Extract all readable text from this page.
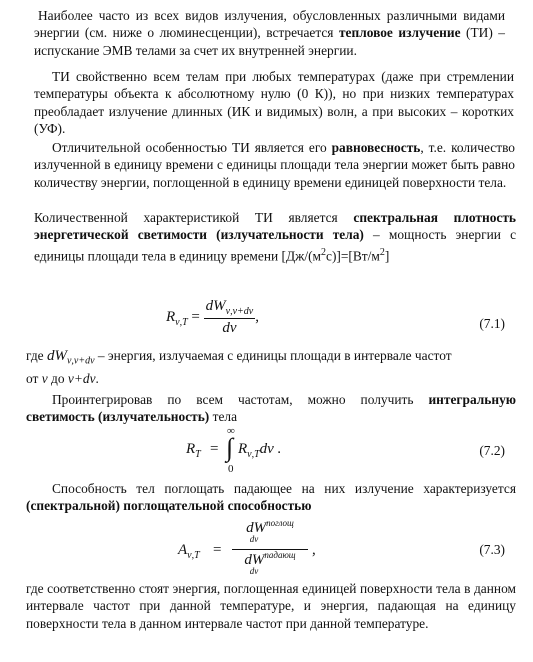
Наиболее часто из всех видов излучения, обусловленных различными видами энергии (см. ниже о люминесценции), встречается тепловое излучение (ТИ) – испускание ЭМВ телами за счет их внутренней энергии.

ТИ свойственно всем телам при любых температурах (даже при стремлении температуры объекта к абсолютному нулю (0 К)), но при низких температурах преобладает излучение длинных (ИК и видимых) волн, а при высоких – коротких (УФ).

Отличительной особенностью ТИ является его равновесность, т.е. количество излученной в единицу времени с единицы площади тела энергии может быть равно количеству энергии, поглощенной в единицу времени единицей поверхности тела.

Количественной характеристикой ТИ является спектральная плотность энергетической светимости (излучательности тела) – мощность энергии с единицы площади тела в единицу времени $[Дж/(м^2с)]=[Вт/м^2]$

$R_{\nu,T} = \frac{dW_{\nu,\nu+d\nu}}{d\nu}$ ,	(7.1)

где $dW_{\nu,\nu+d\nu}$ – энергия, излучаемая с единицы площади в интервале частот
от ν до ν+dν.

Проинтегрировав по всем частотам, можно получить интегральную светимость (излучательность) тела

$R_T$ =
∞
∫
0
$R_{\nu,T}d\nu$ .	(7.2)

Способность тел поглощать падающее на них излучение характеризуется (спектральной) поглощательной способностью

$A_{\nu,T}$ =
$dW^{поглощ}$
$^{d\nu}$
$dW^{падающ}$
$^{d\nu}$
,	(7.3)

где соответственно стоят энергия, поглощенная единицей поверхности тела в данном интервале частот при данной температуре, и энергия, падающая на единицу поверхности тела в данном интервале частот при данной температуре.
